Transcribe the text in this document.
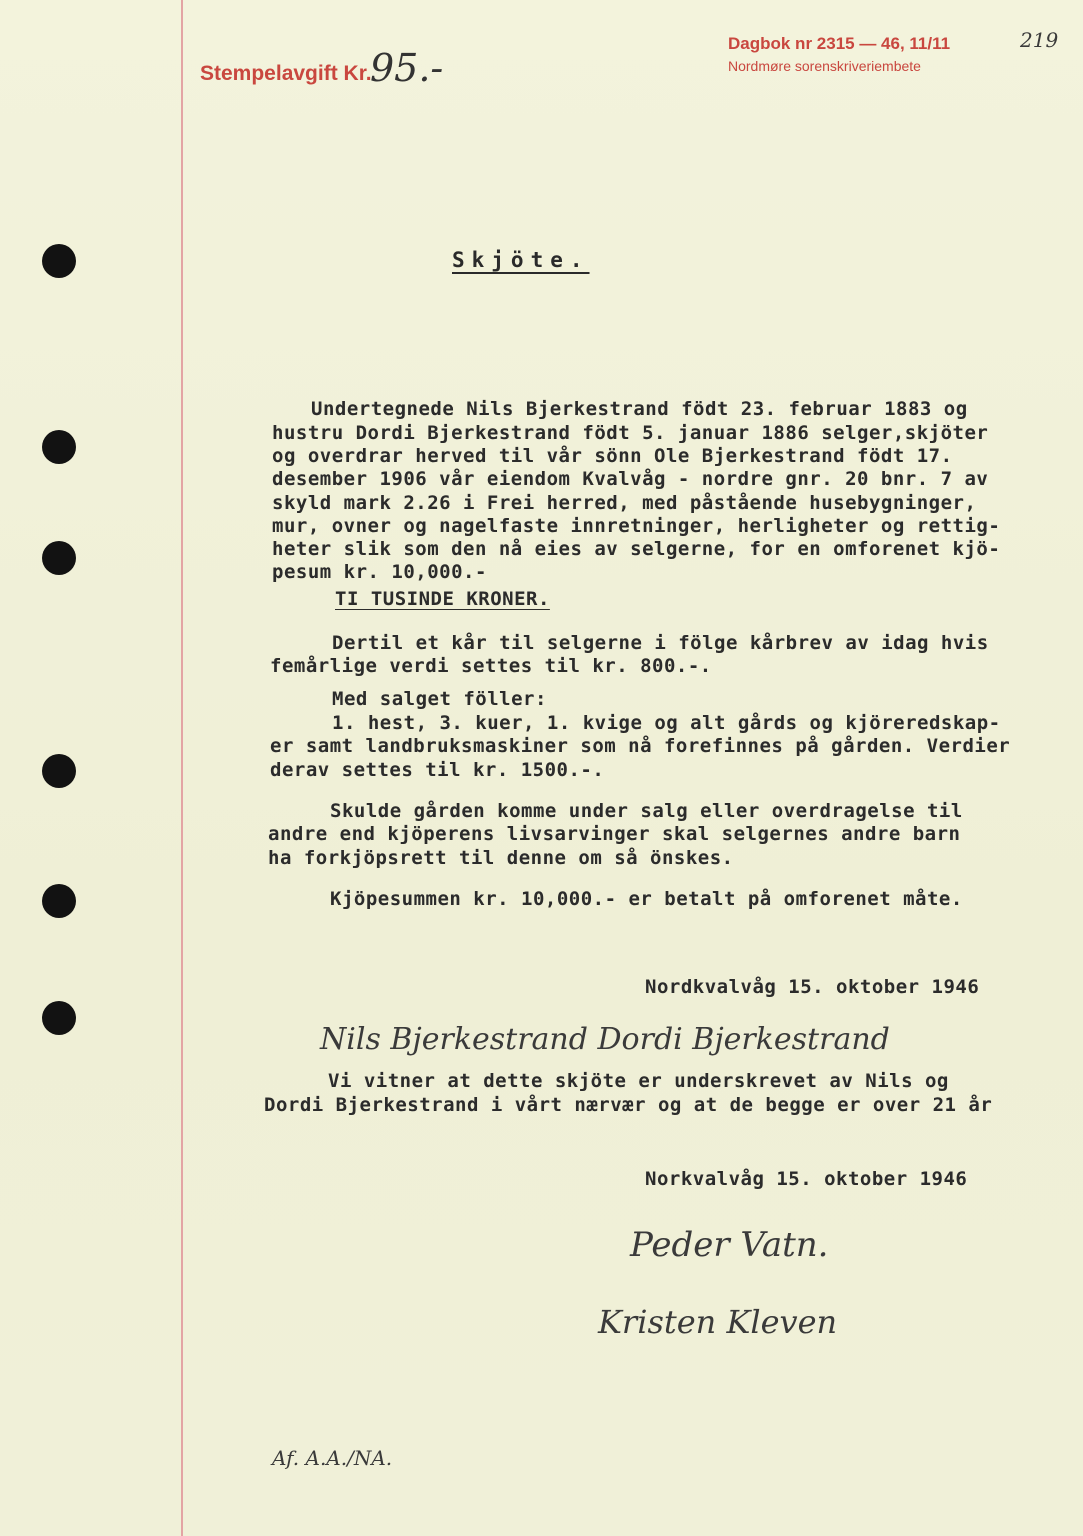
Stempelavgift Kr.
95.-
Dagbok nr 2315 — 46, 11/11
Nordmøre sorenskriveriembete
219
Skjöte.
Undertegnede Nils Bjerkestrand födt 23. februar 1883 og
hustru Dordi Bjerkestrand födt 5. januar 1886 selger,skjöter
og overdrar herved til vår sönn Ole Bjerkestrand födt 17.
desember 1906 vår eiendom Kvalvåg - nordre gnr. 20 bnr. 7 av
skyld mark 2.26 i Frei herred, med påstående husebygninger,
mur, ovner og nagelfaste innretninger, herligheter og rettig-
heter slik som den nå eies av selgerne, for en omforenet kjö-
pesum kr. 10,000.-
TI TUSINDE KRONER.
Dertil et kår til selgerne i fölge kårbrev av idag hvis
femårlige verdi settes til kr. 800.-.
Med salget föller:
1. hest, 3. kuer, 1. kvige og alt gårds og kjöreredskap-
er samt landbruksmaskiner som nå forefinnes på gården. Verdier
derav settes til kr. 1500.-.
Skulde gården komme under salg eller overdragelse til
andre end kjöperens livsarvinger skal selgernes andre barn
ha forkjöpsrett til denne om så önskes.
Kjöpesummen kr. 10,000.- er betalt på omforenet måte.
Nordkvalvåg 15. oktober 1946
Nils Bjerkestrand Dordi Bjerkestrand
Vi vitner at dette skjöte er underskrevet av Nils og
Dordi Bjerkestrand i vårt nærvær og at de begge er over 21 år
Norkvalvåg 15. oktober 1946
Peder Vatn.
Kristen Kleven
Af. A.A./NA.
